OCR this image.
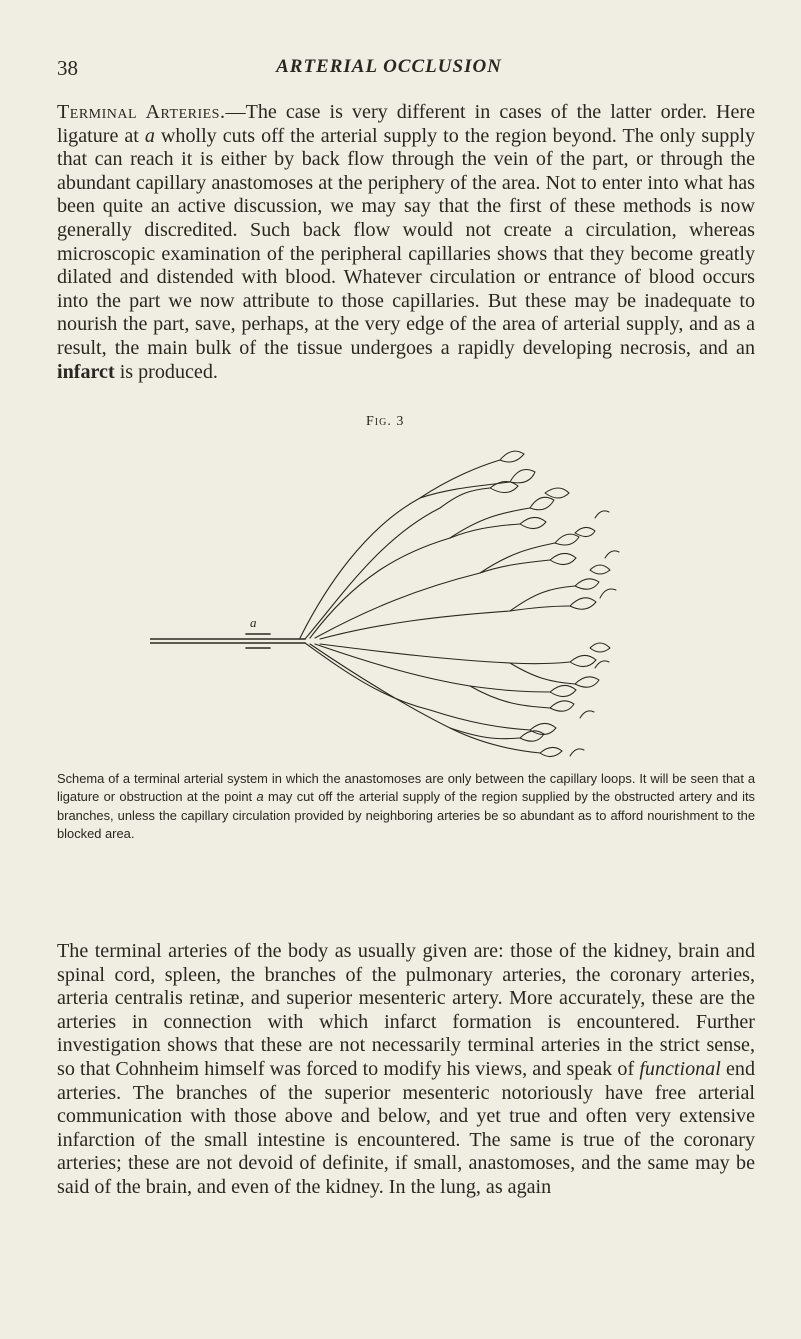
38	ARTERIAL OCCLUSION

Terminal Arteries.—The case is very different in cases of the latter order. Here ligature at a wholly cuts off the arterial supply to the region beyond. The only supply that can reach it is either by back flow through the vein of the part, or through the abundant capillary anastomoses at the periphery of the area. Not to enter into what has been quite an active discussion, we may say that the first of these methods is now generally discredited. Such back flow would not create a circulation, whereas microscopic examination of the peripheral capillaries shows that they become greatly dilated and distended with blood. Whatever circulation or entrance of blood occurs into the part we now attribute to those capillaries. But these may be inadequate to nourish the part, save, perhaps, at the very edge of the area of arterial supply, and as a result, the main bulk of the tissue undergoes a rapidly developing necrosis, and an infarct is produced.

Fig. 3
a

Schema of a terminal arterial system in which the anastomoses are only between the capillary loops. It will be seen that a ligature or obstruction at the point a may cut off the arterial supply of the region supplied by the obstructed artery and its branches, unless the capillary circulation provided by neighboring arteries be so abundant as to afford nourishment to the blocked area.

The terminal arteries of the body as usually given are: those of the kidney, brain and spinal cord, spleen, the branches of the pulmonary arteries, the coronary arteries, arteria centralis retinæ, and superior mesenteric artery. More accurately, these are the arteries in connection with which infarct formation is encountered. Further investigation shows that these are not necessarily terminal arteries in the strict sense, so that Cohnheim himself was forced to modify his views, and speak of functional end arteries. The branches of the superior mesenteric notoriously have free arterial communication with those above and below, and yet true and often very extensive infarction of the small intestine is encountered. The same is true of the coronary arteries; these are not devoid of definite, if small, anastomoses, and the same may be said of the brain, and even of the kidney. In the lung, as again
